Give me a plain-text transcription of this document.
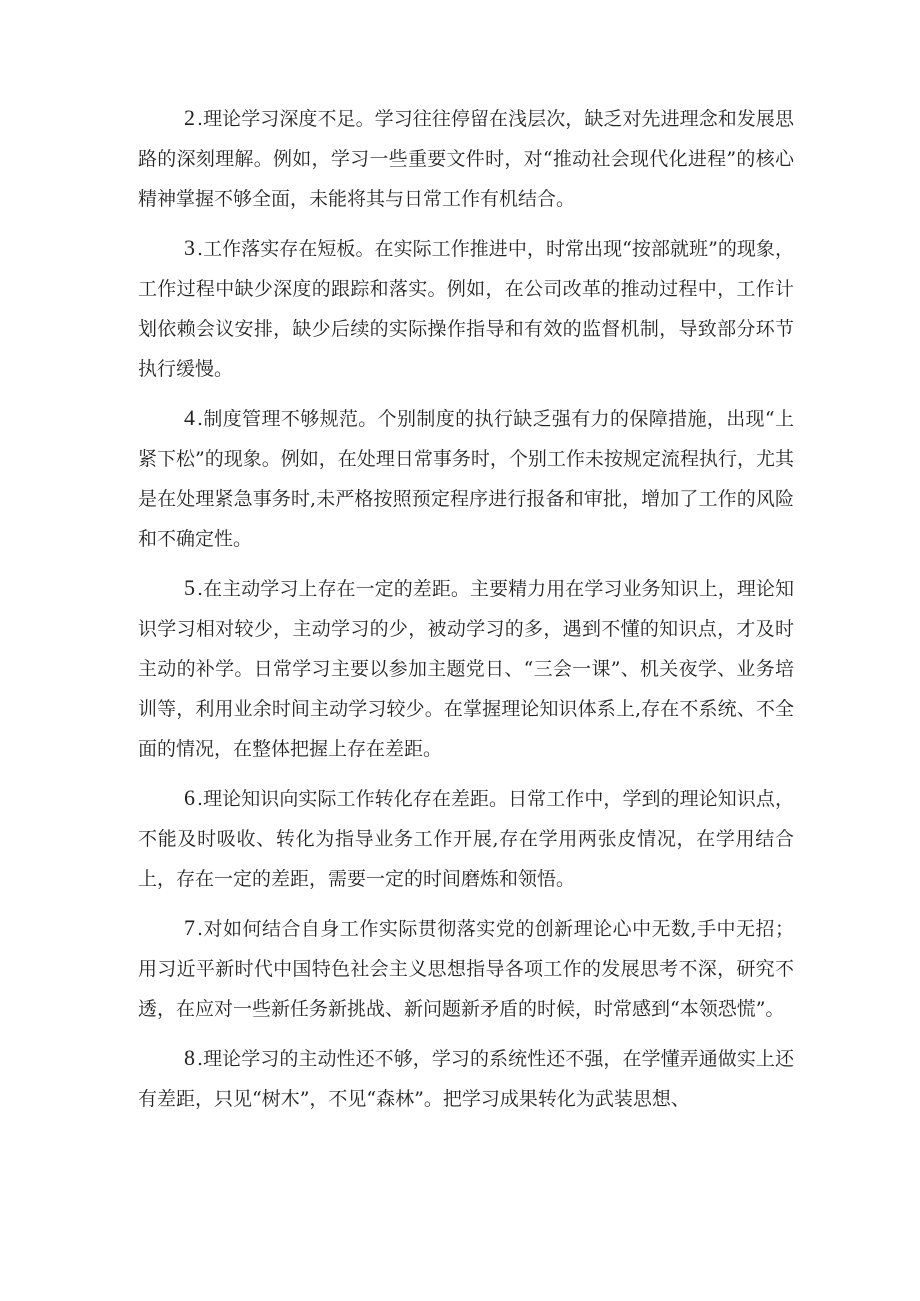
2 .理论学习深度不足。学习往往停留在浅层次，缺乏对先进理念和发展思路的深刻理解。例如，学习一些重要文件时，对“推动社会现代化进程”的核心精神掌握不够全面，未能将其与日常工作有机结合。

3 .工作落实存在短板。在实际工作推进中，时常出现“按部就班”的现象，工作过程中缺少深度的跟踪和落实。例如，在公司改革的推动过程中，工作计划依赖会议安排，缺少后续的实际操作指导和有效的监督机制，导致部分环节执行缓慢。

4 .制度管理不够规范。个别制度的执行缺乏强有力的保障措施，出现“上紧下松”的现象。例如，在处理日常事务时，个别工作未按规定流程执行，尤其是在处理紧急事务时,未严格按照预定程序进行报备和审批，增加了工作的风险和不确定性。

5 .在主动学习上存在一定的差距。主要精力用在学习业务知识上，理论知识学习相对较少，主动学习的少，被动学习的多，遇到不懂的知识点，才及时主动的补学。日常学习主要以参加主题党日、“三会一课”、机关夜学、业务培训等，利用业余时间主动学习较少。在掌握理论知识体系上,存在不系统、不全面的情况，在整体把握上存在差距。

6 .理论知识向实际工作转化存在差距。日常工作中，学到的理论知识点，不能及时吸收、转化为指导业务工作开展,存在学用两张皮情况，在学用结合上，存在一定的差距，需要一定的时间磨炼和领悟。

7 .对如何结合自身工作实际贯彻落实党的创新理论心中无数,手中无招；用习近平新时代中国特色社会主义思想指导各项工作的发展思考不深，研究不透，在应对一些新任务新挑战、新问题新矛盾的时候，时常感到“本领恐慌”。

8 .理论学习的主动性还不够，学习的系统性还不强，在学懂弄通做实上还有差距，只见“树木”，不见“森林”。把学习成果转化为武装思想、
